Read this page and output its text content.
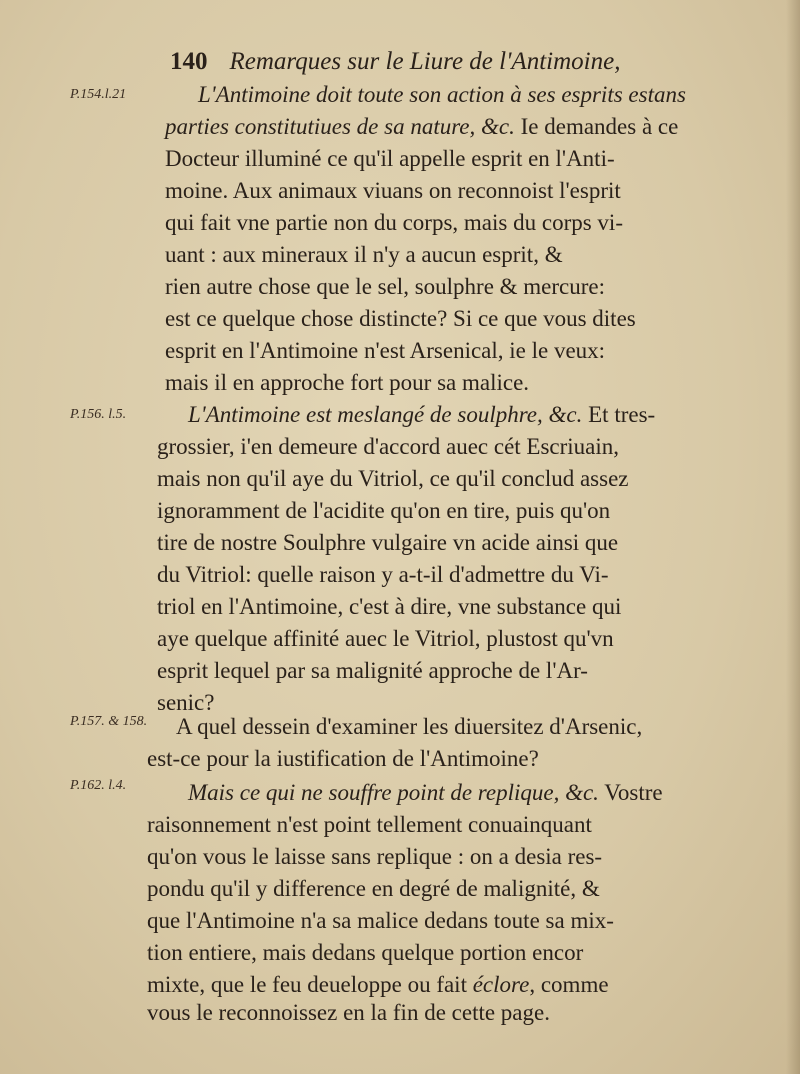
140 Remarques sur le Liure de l'Antimoine,
P.154.l.21
P.156. l.5.
P.157. & 158.
P.162. l.4.
L'Antimoine doit toute son action à ses esprits estans
parties constitutiues de sa nature, &c. Ie demandes à ce
Docteur illuminé ce qu'il appelle esprit en l'Anti-
moine. Aux animaux viuans on reconnoist l'esprit
qui fait vne partie non du corps, mais du corps vi-
uant : aux mineraux il n'y a aucun esprit, &
rien autre chose que le sel, soulphre & mercure:
est ce quelque chose distincte? Si ce que vous dites
esprit en l'Antimoine n'est Arsenical, ie le veux:
mais il en approche fort pour sa malice.
L'Antimoine est meslangé de soulphre, &c. Et tres-
grossier, i'en demeure d'accord auec cét Escriuain,
mais non qu'il aye du Vitriol, ce qu'il conclud assez
ignoramment de l'acidite qu'on en tire, puis qu'on
tire de nostre Soulphre vulgaire vn acide ainsi que
du Vitriol: quelle raison y a-t-il d'admettre du Vi-
triol en l'Antimoine, c'est à dire, vne substance qui
aye quelque affinité auec le Vitriol, plustost qu'vn
esprit lequel par sa malignité approche de l'Ar-
senic?
A quel dessein d'examiner les diuersitez d'Arsenic,
est-ce pour la iustification de l'Antimoine?
Mais ce qui ne souffre point de replique, &c. Vostre
raisonnement n'est point tellement conuainquant
qu'on vous le laisse sans replique : on a desia res-
pondu qu'il y difference en degré de malignité, &
que l'Antimoine n'a sa malice dedans toute sa mix-
tion entiere, mais dedans quelque portion encor
mixte, que le feu deueloppe ou fait éclore, comme
vous le reconnoissez en la fin de cette page.
